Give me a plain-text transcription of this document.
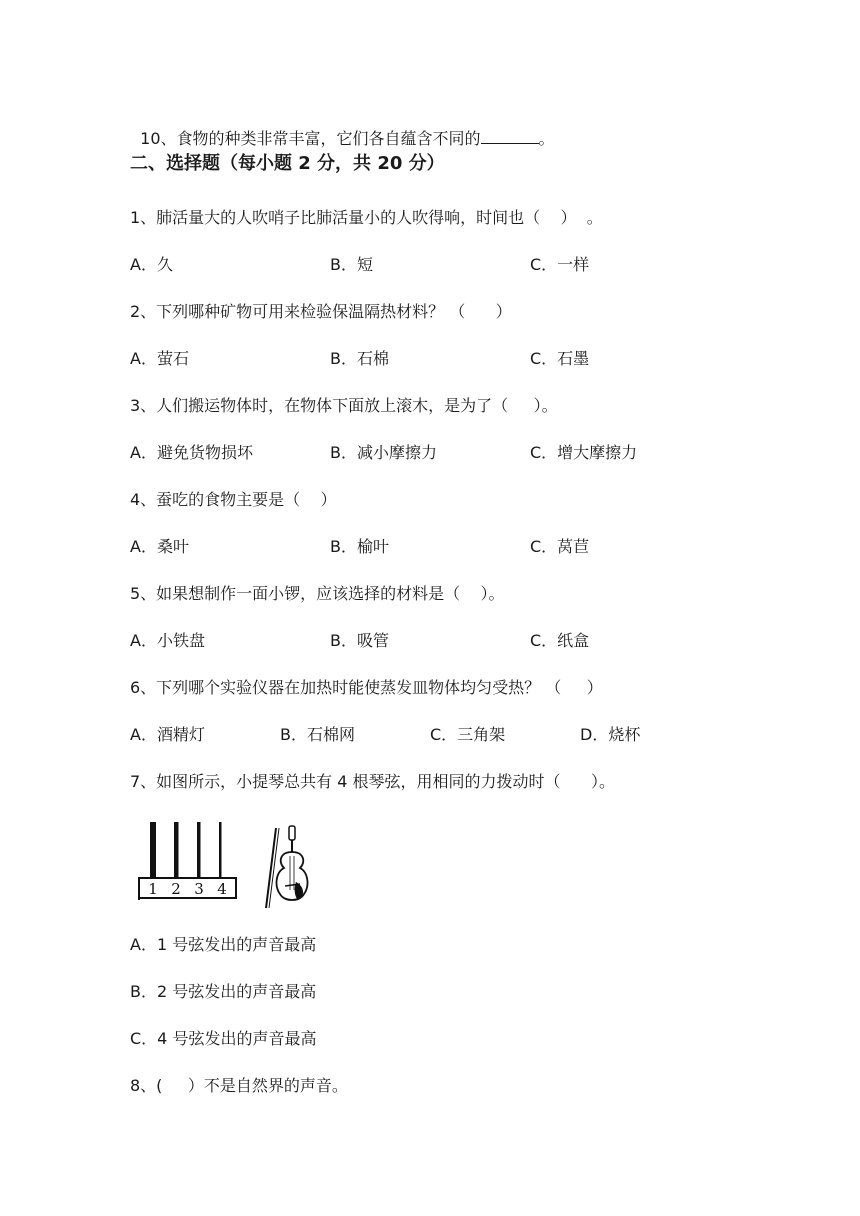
10、食物的种类非常丰富，它们各自蕴含不同的	。

二、选择题（每小题 2 分，共 20 分）
1、肺活量大的人吹哨子比肺活量小的人吹得响，时间也（    ）  。
A．久	B．短	C．一样
2、下列哪种矿物可用来检验保温隔热材料？ （      ）
A．萤石	B．石棉	C．石墨
3、人们搬运物体时，在物体下面放上滚木，是为了（     ）。
A．避免货物损坏	B．减小摩擦力	C．增大摩擦力
4、蚕吃的食物主要是（    ）
A．桑叶	B．榆叶	C．莴苣
5、如果想制作一面小锣，应该选择的材料是（    ）。
A．小铁盘	B．吸管	C．纸盒
6、下列哪个实验仪器在加热时能使蒸发皿物体均匀受热？ （     ）
A．酒精灯	B．石棉网	C．三角架	D．烧杯
7、如图所示，小提琴总共有 4 根琴弦，用相同的力拨动时（      ）。
1 2 3 4
A．1 号弦发出的声音最高
B．2 号弦发出的声音最高
C．4 号弦发出的声音最高
8、(     ）不是自然界的声音。
